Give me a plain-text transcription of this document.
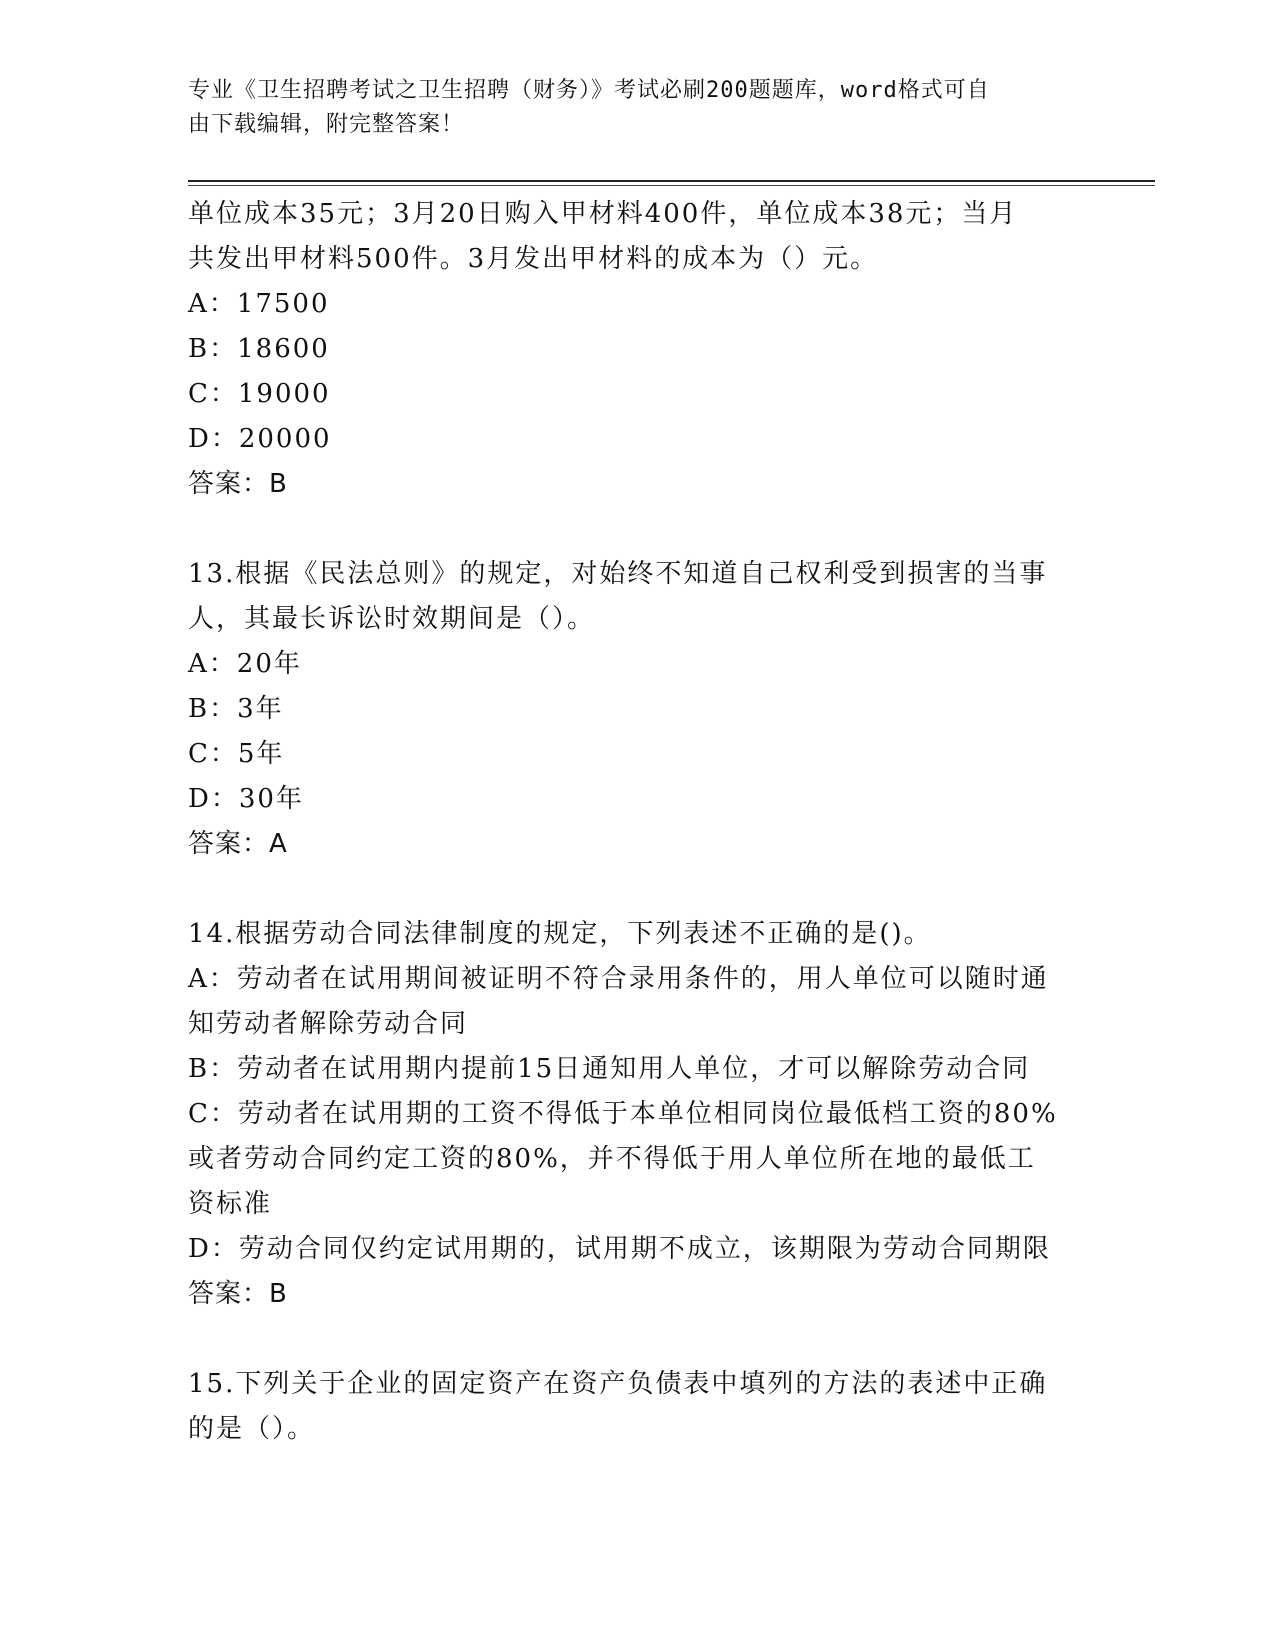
专业《卫生招聘考试之卫生招聘（财务）》考试必刷200题题库，word格式可自
由下载编辑，附完整答案！
单位成本35元；3月20日购入甲材料400件，单位成本38元；当月
共发出甲材料500件。3月发出甲材料的成本为（）元。
A：17500
B：18600
C：19000
D：20000
答案：B
13.根据《民法总则》的规定，对始终不知道自己权利受到损害的当事
人，其最长诉讼时效期间是（）。
A：20年
B：3年
C：5年
D：30年
答案：A
14.根据劳动合同法律制度的规定，下列表述不正确的是()。
A：劳动者在试用期间被证明不符合录用条件的，用人单位可以随时通
知劳动者解除劳动合同
B：劳动者在试用期内提前15日通知用人单位，才可以解除劳动合同
C：劳动者在试用期的工资不得低于本单位相同岗位最低档工资的80%
或者劳动合同约定工资的80%，并不得低于用人单位所在地的最低工
资标准
D：劳动合同仅约定试用期的，试用期不成立，该期限为劳动合同期限
答案：B
15.下列关于企业的固定资产在资产负债表中填列的方法的表述中正确
的是（）。
